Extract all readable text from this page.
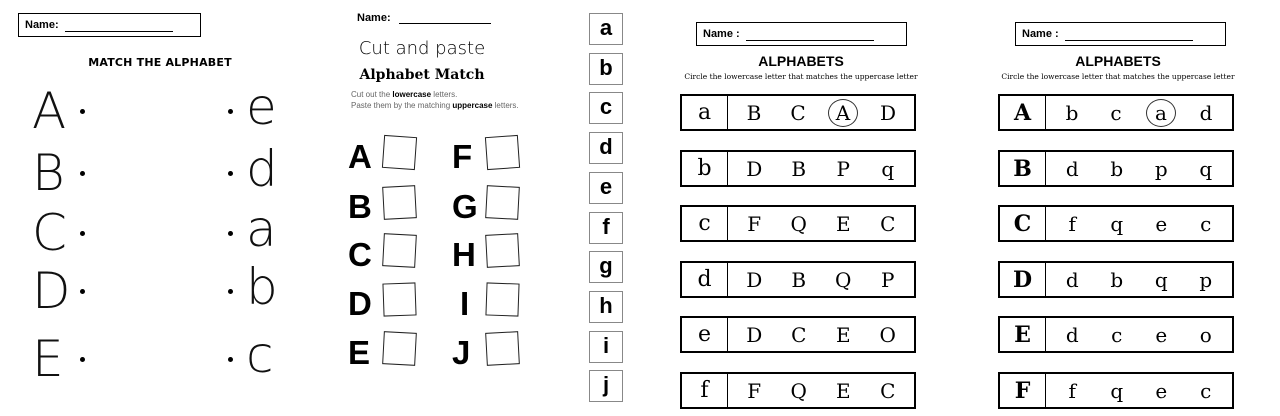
Name:
MATCH THE ALPHABET
A
B
C
D
E
e
d
a
b
c
Name:
Cut and paste
Alphabet Match
Cut out the lowercase letters.
Paste them by the matching uppercase letters.
A
B
C
D
E
F
G
H
I
J
a
b
c
d
e
f
g
h
i
j
Name :
ALPHABETS
Circle the lowercase letter that matches the uppercase letter
a	B	C	A	D
b	D	B	P	q
c	F	Q	E	C
d	D	B	Q	P
e	D	C	E	O
f	F	Q	E	C
Name :
ALPHABETS
Circle the lowercase letter that matches the uppercase letter
A	b	c	a	d
B	d	b	p	q
C	f	q	e	c
D	d	b	q	p
E	d	c	e	o
F	f	q	e	c
